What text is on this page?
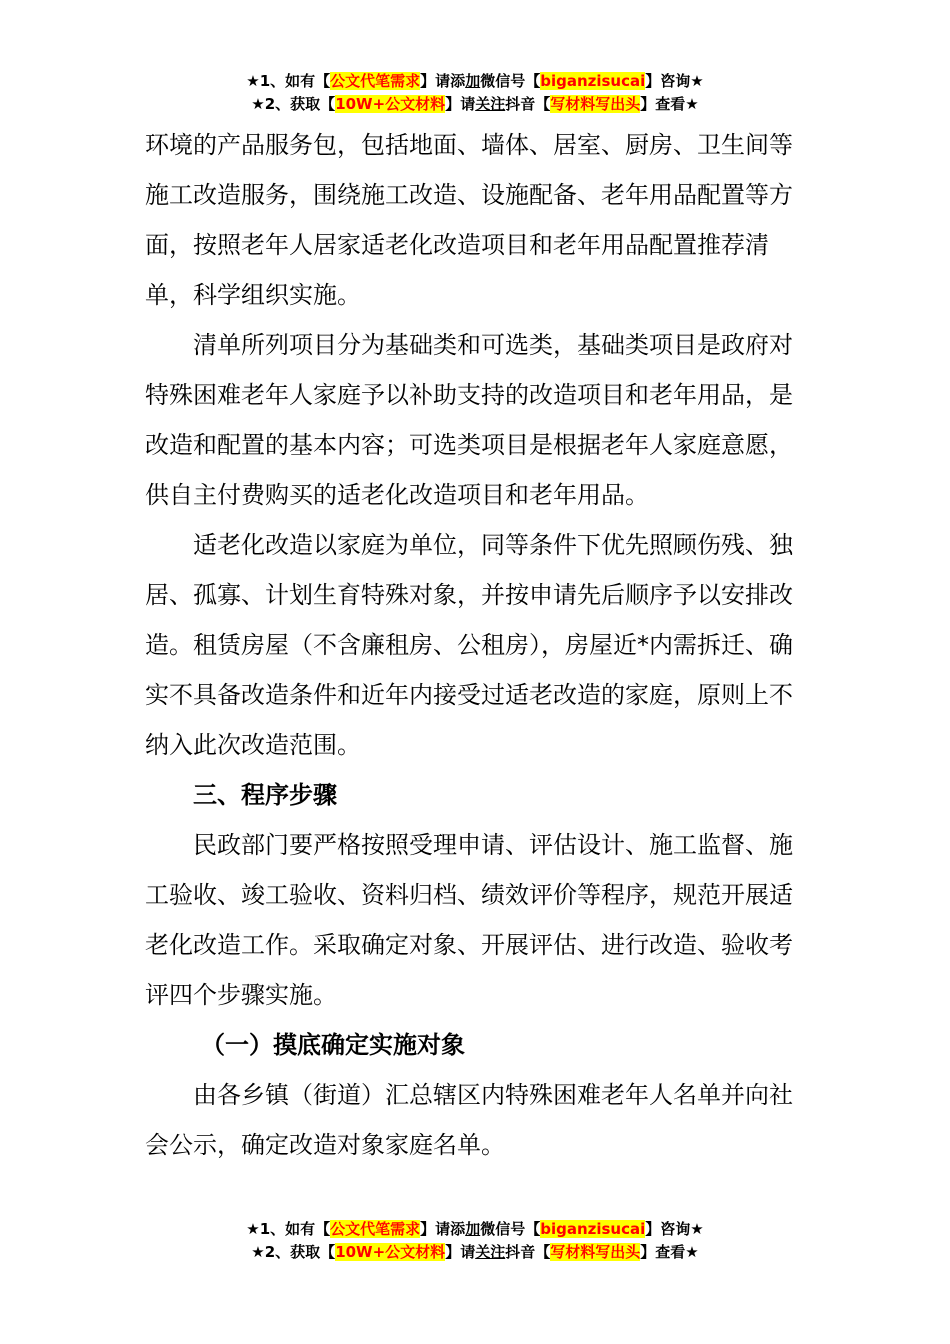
★1、如有【公文代笔需求】请添加微信号【biganzisucai】咨询★
★2、获取【10W+公文材料】请关注抖音【写材料写出头】查看★

环境的产品服务包，包括地面、墙体、居室、厨房、卫生间等施工改造服务，围绕施工改造、设施配备、老年用品配置等方面，按照老年人居家适老化改造项目和老年用品配置推荐清单，科学组织实施。

清单所列项目分为基础类和可选类，基础类项目是政府对特殊困难老年人家庭予以补助支持的改造项目和老年用品，是改造和配置的基本内容；可选类项目是根据老年人家庭意愿，供自主付费购买的适老化改造项目和老年用品。

适老化改造以家庭为单位，同等条件下优先照顾伤残、独居、孤寡、计划生育特殊对象，并按申请先后顺序予以安排改造。租赁房屋（不含廉租房、公租房），房屋近*内需拆迁、确实不具备改造条件和近年内接受过适老改造的家庭，原则上不纳入此次改造范围。

三、程序步骤

民政部门要严格按照受理申请、评估设计、施工监督、施工验收、竣工验收、资料归档、绩效评价等程序，规范开展适老化改造工作。采取确定对象、开展评估、进行改造、验收考评四个步骤实施。

（一）摸底确定实施对象

由各乡镇（街道）汇总辖区内特殊困难老年人名单并向社会公示，确定改造对象家庭名单。

★1、如有【公文代笔需求】请添加微信号【biganzisucai】咨询★
★2、获取【10W+公文材料】请关注抖音【写材料写出头】查看★
